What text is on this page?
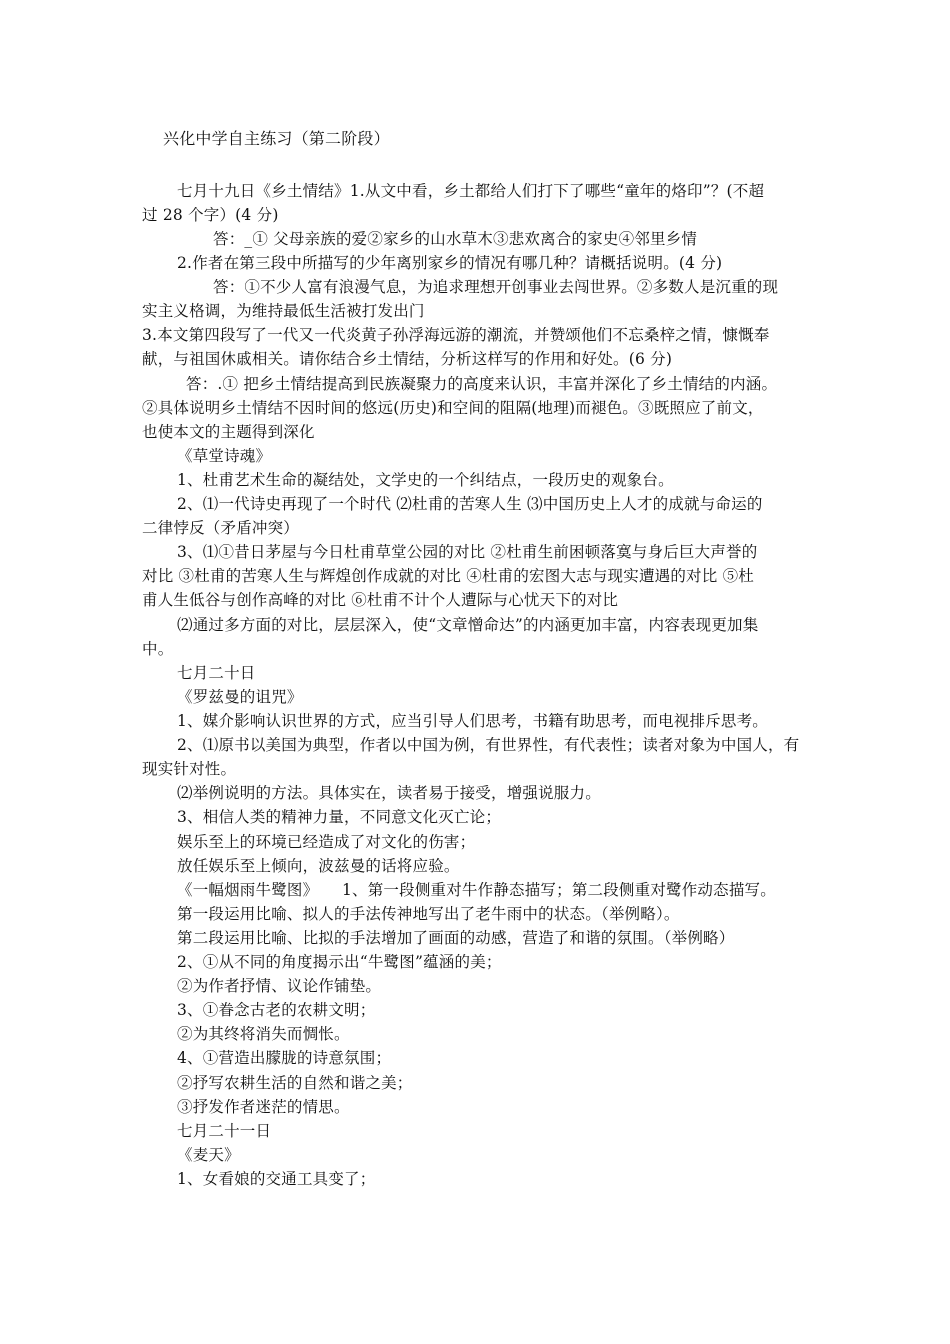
兴化中学自主练习（第二阶段）
七月十九日《乡土情结》1.从文中看，乡土都给人们打下了哪些“童年的烙印”？(不超
过 28 个字）(4 分)
答：_① 父母亲族的爱②家乡的山水草木③悲欢离合的家史④邻里乡情
2.作者在第三段中所描写的少年离别家乡的情况有哪几种？请概括说明。(4 分)
答：①不少人富有浪漫气息，为追求理想开创事业去闯世界。②多数人是沉重的现
实主义格调，为维持最低生活被打发出门
3.本文第四段写了一代又一代炎黄子孙浮海远游的潮流，并赞颂他们不忘桑梓之情，慷慨奉
献，与祖国休戚相关。请你结合乡土情结，分析这样写的作用和好处。(6 分)
答：.① 把乡土情结提高到民族凝聚力的高度来认识，丰富并深化了乡土情结的内涵。
②具体说明乡土情结不因时间的悠远(历史)和空间的阻隔(地理)而褪色。③既照应了前文，
也使本文的主题得到深化
《草堂诗魂》
1、杜甫艺术生命的凝结处，文学史的一个纠结点，一段历史的观象台。
2、⑴一代诗史再现了一个时代 ⑵杜甫的苦寒人生 ⑶中国历史上人才的成就与命运的
二律悖反（矛盾冲突）
3、⑴①昔日茅屋与今日杜甫草堂公园的对比 ②杜甫生前困顿落寞与身后巨大声誉的
对比 ③杜甫的苦寒人生与辉煌创作成就的对比 ④杜甫的宏图大志与现实遭遇的对比 ⑤杜
甫人生低谷与创作高峰的对比 ⑥杜甫不计个人遭际与心忧天下的对比
⑵通过多方面的对比，层层深入，使“文章憎命达”的内涵更加丰富，内容表现更加集
中。
七月二十日
《罗兹曼的诅咒》
1、媒介影响认识世界的方式，应当引导人们思考，书籍有助思考，而电视排斥思考。
2、⑴原书以美国为典型，作者以中国为例，有世界性，有代表性；读者对象为中国人，有
现实针对性。
⑵举例说明的方法。具体实在，读者易于接受，增强说服力。
3、相信人类的精神力量，不同意文化灭亡论；
娱乐至上的环境已经造成了对文化的伤害；
放任娱乐至上倾向，波兹曼的话将应验。
《一幅烟雨牛鹭图》　　1、第一段侧重对牛作静态描写；第二段侧重对鹭作动态描写。
第一段运用比喻、拟人的手法传神地写出了老牛雨中的状态。（举例略）。
第二段运用比喻、比拟的手法增加了画面的动感，营造了和谐的氛围。（举例略）
2、①从不同的角度揭示出“牛鹭图”蕴涵的美；
②为作者抒情、议论作铺垫。
3、①眷念古老的农耕文明；
②为其终将消失而惆怅。
4、①营造出朦胧的诗意氛围；
②抒写农耕生活的自然和谐之美；
③抒发作者迷茫的情思。
七月二十一日
《麦天》
1、女看娘的交通工具变了；
